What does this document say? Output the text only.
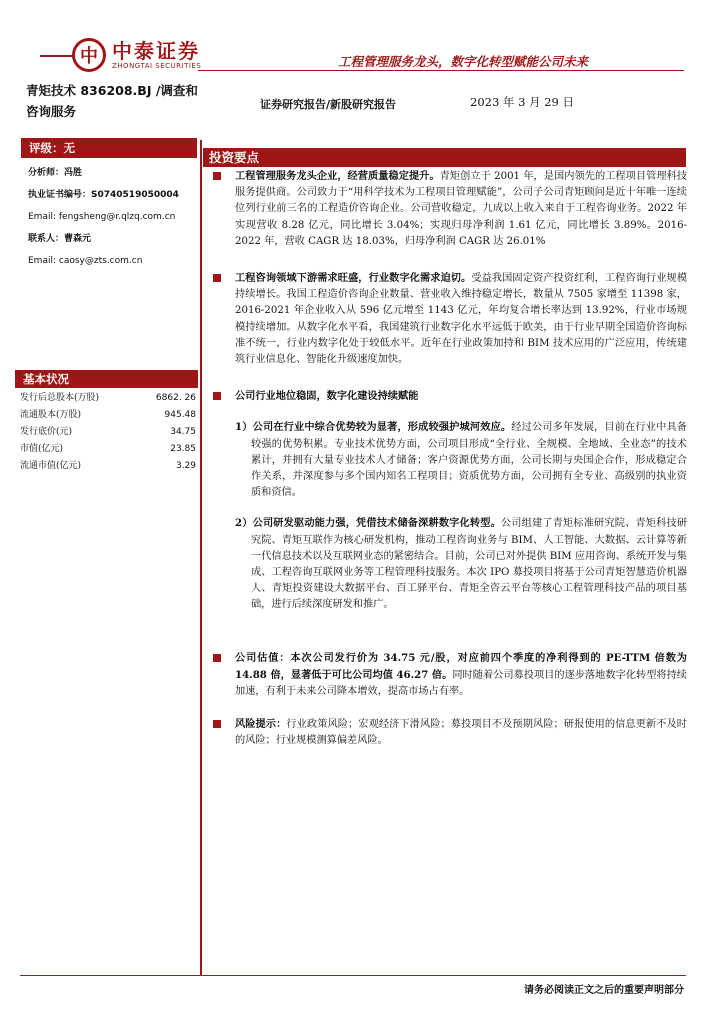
中 中泰证券
ZHONGTAI SECURITIES	工程管理服务龙头，数字化转型赋能公司未来
青矩技术 836208.BJ /调查和咨询服务	证券研究报告/新股研究报告	2023 年 3 月 29 日
评级：无
分析师：冯胜
执业证书编号：S0740519050004
Email: fengsheng@r.qlzq.com.cn
联系人：曹森元
Email: caosy@zts.com.cn
基本状况
发行后总股本(万股)	6862. 26
流通股本(万股)	945.48
发行底价(元)	34.75
市值(亿元)	23.85
流通市值(亿元)	3.29
投资要点
工程管理服务龙头企业，经营质量稳定提升。青矩创立于 2001 年，是国内领先的工程项目管理科技服务提供商。公司致力于“用科学技术为工程项目管理赋能”，公司子公司青矩顾问是近十年唯一连续位列行业前三名的工程造价咨询企业。公司营收稳定，九成以上收入来自于工程咨询业务。2022 年实现营收 8.28 亿元，同比增长 3.04%；实现归母净利润 1.61 亿元，同比增长 3.89%。2016-2022 年，营收 CAGR 达 18.03%，归母净利润 CAGR 达 26.01%
工程咨询领域下游需求旺盛，行业数字化需求迫切。受益我国固定资产投资红利，工程咨询行业规模持续增长。我国工程造价咨询企业数量、营业收入维持稳定增长，数量从 7505 家增至 11398 家，2016-2021 年企业收入从 596 亿元增至 1143 亿元，年均复合增长率达到 13.92%，行业市场规模持续增加。从数字化水平看，我国建筑行业数字化水平远低于欧美，由于行业早期全国造价咨询标准不统一，行业内数字化处于较低水平。近年在行业政策加持和 BIM 技术应用的广泛应用，传统建筑行业信息化、智能化升级速度加快。
公司行业地位稳固，数字化建设持续赋能
1）公司在行业中综合优势较为显著，形成较强护城河效应。经过公司多年发展，目前在行业中具备较强的优势积累。专业技术优势方面，公司项目形成“全行业、全规模、全地域、全业态”的技术累计，并拥有大量专业技术人才储备；客户资源优势方面，公司长期与央国企合作，形成稳定合作关系，并深度参与多个国内知名工程项目；资质优势方面，公司拥有全专业、高级别的执业资质和资信。
2）公司研发驱动能力强，凭借技术储备深耕数字化转型。公司组建了青矩标准研究院、青矩科技研究院、青矩互联作为核心研发机构，推动工程咨询业务与 BIM、人工智能、大数据、云计算等新一代信息技术以及互联网业态的紧密结合。目前，公司已对外提供 BIM 应用咨询、系统开发与集成、工程咨询互联网业务等工程管理科技服务。本次 IPO 募投项目将基于公司青矩智慧造价机器人、青矩投资建设大数据平台、百工驿平台、青矩全咨云平台等核心工程管理科技产品的项目基础，进行后续深度研发和推广。
公司估值：本次公司发行价为 34.75 元/股，对应前四个季度的净利得到的 PE-TTM 倍数为 14.88 倍，显著低于可比公司均值 46.27 倍。同时随着公司募投项目的逐步落地数字化转型将持续加速，有利于未来公司降本增效，提高市场占有率。
风险提示：行业政策风险；宏观经济下滑风险；募投项目不及预期风险；研报使用的信息更新不及时的风险；行业规模测算偏差风险。
请务必阅读正文之后的重要声明部分
